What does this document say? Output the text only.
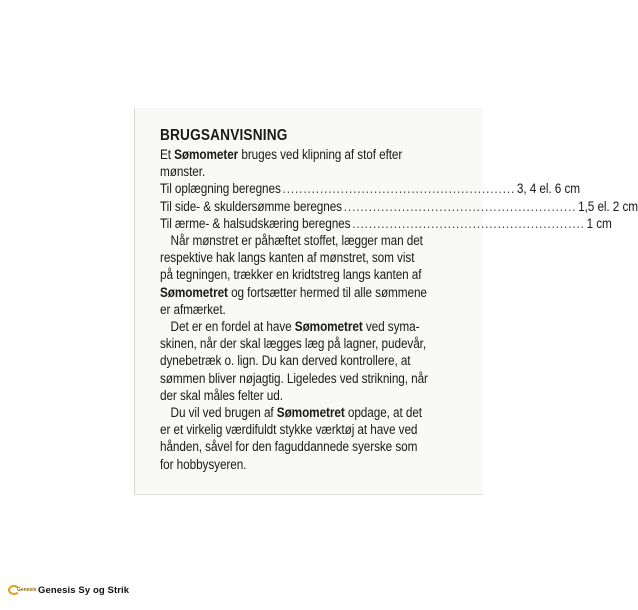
BRUGSANVISNING
Et Sømometer bruges ved klipning af stof efter
mønster.
Til oplægning beregnes ........................................................ 3, 4 el. 6 cm
Til side- & skuldersømme beregnes ........................................................ 1,5 el. 2 cm
Til ærme- & halsudskæring beregnes ........................................................ 1 cm
Når mønstret er påhæftet stoffet, lægger man det
respektive hak langs kanten af mønstret, som vist
på tegningen, trækker en kridtstreg langs kanten af
Sømometret og fortsætter hermed til alle sømmene
er afmærket.
Det er en fordel at have Sømometret ved syma-
skinen, når der skal lægges læg på lagner, pudevår,
dynebetræk o. lign. Du kan derved kontrollere, at
sømmen bliver nøjagtig. Ligeledes ved strikning, når
der skal måles felter ud.
Du vil ved brugen af Sømometret opdage, at det
er et virkelig værdifuldt stykke værktøj at have ved
hånden, såvel for den faguddannede syerske som
for hobbysyeren.
Genesis Genesis Sy og Strik
